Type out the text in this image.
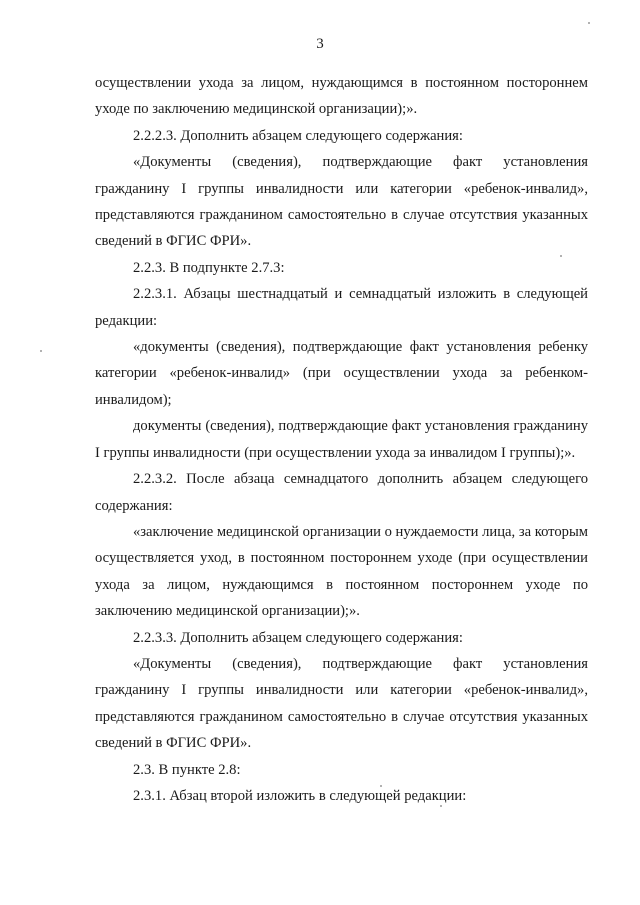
3

осуществлении ухода за лицом, нуждающимся в постоянном постороннем уходе по заключению медицинской организации);».

2.2.2.3. Дополнить абзацем следующего содержания:

«Документы (сведения), подтверждающие факт установления гражданину I группы инвалидности или категории «ребенок-инвалид», представляются гражданином самостоятельно в случае отсутствия указанных сведений в ФГИС ФРИ».

2.2.3. В подпункте 2.7.3:

2.2.3.1. Абзацы шестнадцатый и семнадцатый изложить в следующей редакции:

«документы (сведения), подтверждающие факт установления ребенку категории «ребенок-инвалид» (при осуществлении ухода за ребенком-инвалидом);

документы (сведения), подтверждающие факт установления гражданину I группы инвалидности (при осуществлении ухода за инвалидом I группы);».

2.2.3.2. После абзаца семнадцатого дополнить абзацем следующего содержания:

«заключение медицинской организации о нуждаемости лица, за которым осуществляется уход, в постоянном постороннем уходе (при осуществлении ухода за лицом, нуждающимся в постоянном постороннем уходе по заключению медицинской организации);».

2.2.3.3. Дополнить абзацем следующего содержания:

«Документы (сведения), подтверждающие факт установления гражданину I группы инвалидности или категории «ребенок-инвалид», представляются гражданином самостоятельно в случае отсутствия указанных сведений в ФГИС ФРИ».

2.3. В пункте 2.8:

2.3.1. Абзац второй изложить в следующей редакции:
